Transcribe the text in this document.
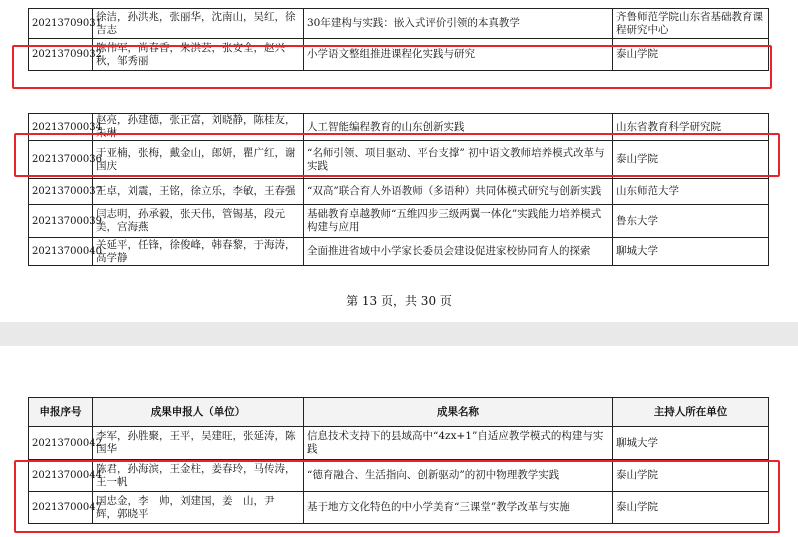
20213709031	徐洁，孙洪兆，张丽华，沈南山，吴红，徐吉志	30年建构与实践：嵌入式评价引领的本真教学	齐鲁师范学院山东省基础教育课程研究中心
20213709032	陈伟军，尚春香，朱洪芸，张安全，赵兴秋，邹秀丽	小学语文整组推进课程化实践与研究	泰山学院
20213700034	赵亮，孙建德，张正富，刘晓静，陈桂友，朱琳	人工智能编程教育的山东创新实践	山东省教育科学研究院
20213700036	于亚楠，张梅，戴金山，郎妍，瞿广红，谢国庆	“名师引领、项目驱动、平台支撑” 初中语文教师培养模式改革与实践	泰山学院
20213700037	王卓，刘震，王铭，徐立乐，李敏，王春强	“双高”联合育人外语教师（多语种）共同体模式研究与创新实践	山东师范大学
20213700039	闫志明，孙承毅，张天伟，管锡基，段元美，宫海燕	基础教育卓越教师“五维四步三级两翼一体化”实践能力培养模式构建与应用	鲁东大学
20213700040	关延平，任锋，徐俊峰，韩春黎，于海涛，高学静	全面推进省域中小学家长委员会建设促进家校协同育人的探索	聊城大学
第 13 页，共 30 页
申报序号	成果申报人（单位）	成果名称	主持人所在单位
20213700042	李军，孙胜聚，王平，吴建旺，张延涛，陈国华	信息技术支持下的县域高中“4zx+1”自适应教学模式的构建与实践	聊城大学
20213700044	陈君，孙海滨，王金柱，姜春玲，马传涛，王一帆	“德育融合、生活指向、创新驱动”的初中物理教学实践	泰山学院
20213700047	国忠金，李　帅，刘建国，姜　山，尹　辉，郭晓平	基于地方文化特色的中小学美育“三课堂”教学改革与实施	泰山学院
